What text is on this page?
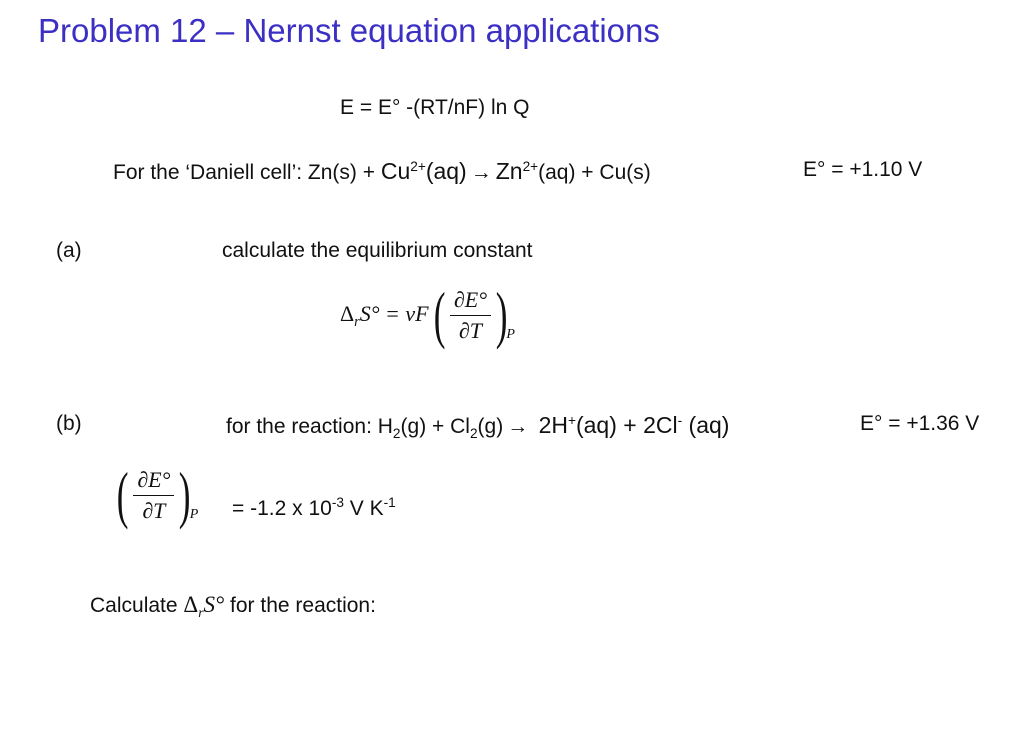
Problem 12 – Nernst equation applications
E = E° -(RT/nF) ln Q
For the ‘Daniell cell’: $Zn(s) + Cu^{2+}(aq) \to Zn^{2+}(aq) + Cu(s)$	E° = +1.10 V
(a)	calculate the equilibrium constant
$\Delta_rS^\circ = \nu F( \frac{\partial E^\circ}{\partial T} )P$
(b)	for the reaction: $H_2(g) + Cl_2(g) \to 2H^+(aq) + 2Cl^-$ (aq)	E° = +1.36 V
( $\frac{\partial E^\circ}{\partial T} )P = -1.2$ x $10^{-3}$ V $K^{-1}$
Calculate $\Delta_rS^\circ$ for the reaction:
